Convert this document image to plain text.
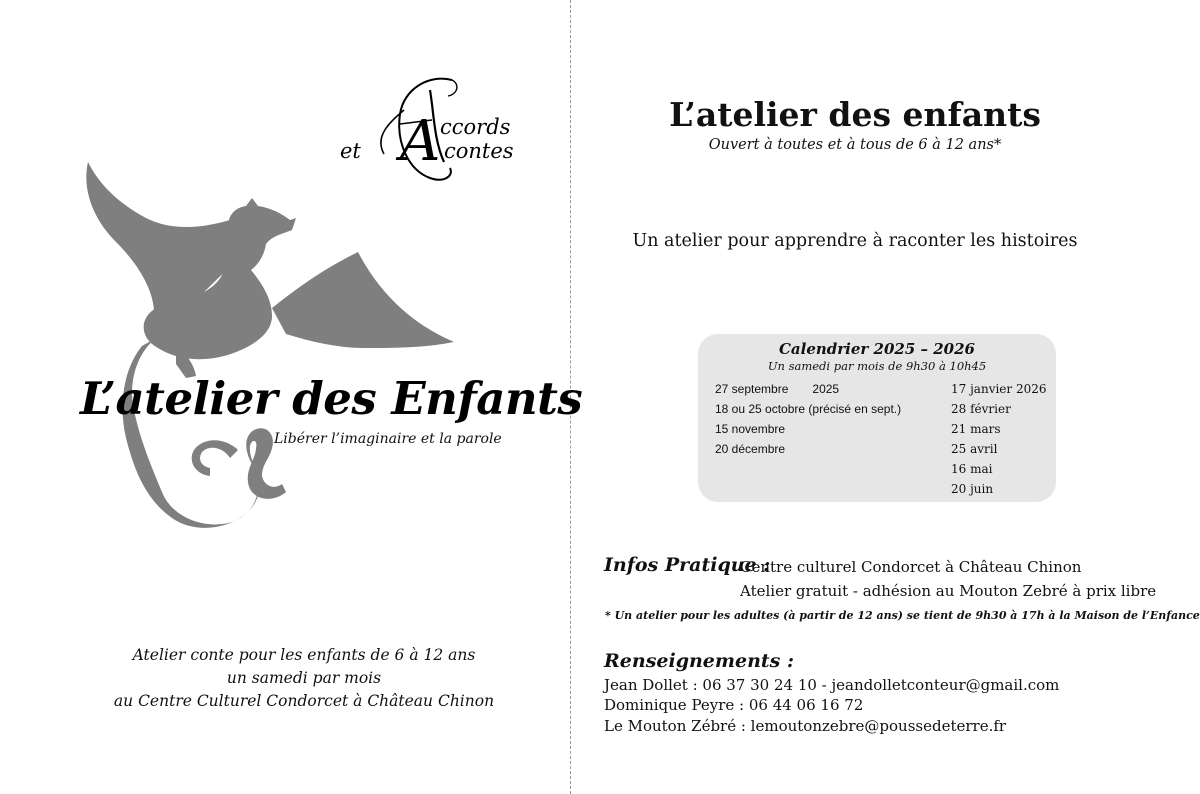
et A ccords
contes
L’atelier des Enfants
Libérer l’imaginaire et la parole
Atelier conte pour les enfants de 6 à 12 ans
un samedi par mois
au Centre Culturel Condorcet à Château Chinon
L’atelier des enfants
Ouvert à toutes et à tous de 6 à 12 ans*
Un atelier pour apprendre à raconter les histoires
Calendrier 2025 – 2026
Un samedi par mois de 9h30 à 10h45
27 septembre 2025
18 ou 25 octobre (précisé en sept.)
15 novembre
20 décembre
17 janvier 2026
28 février
21 mars
25 avril
16 mai
20 juin
Infos Pratique :
Centre culturel Condorcet à Château Chinon
Atelier gratuit - adhésion au Mouton Zebré à prix libre
* Un atelier pour les adultes (à partir de 12 ans) se tient de 9h30 à 17h à la Maison de l’Enfance
Renseignements :
Jean Dollet : 06 37 30 24 10 - jeandolletconteur@gmail.com
Dominique Peyre : 06 44 06 16 72
Le Mouton Zébré : lemoutonzebre@poussedeterre.fr
